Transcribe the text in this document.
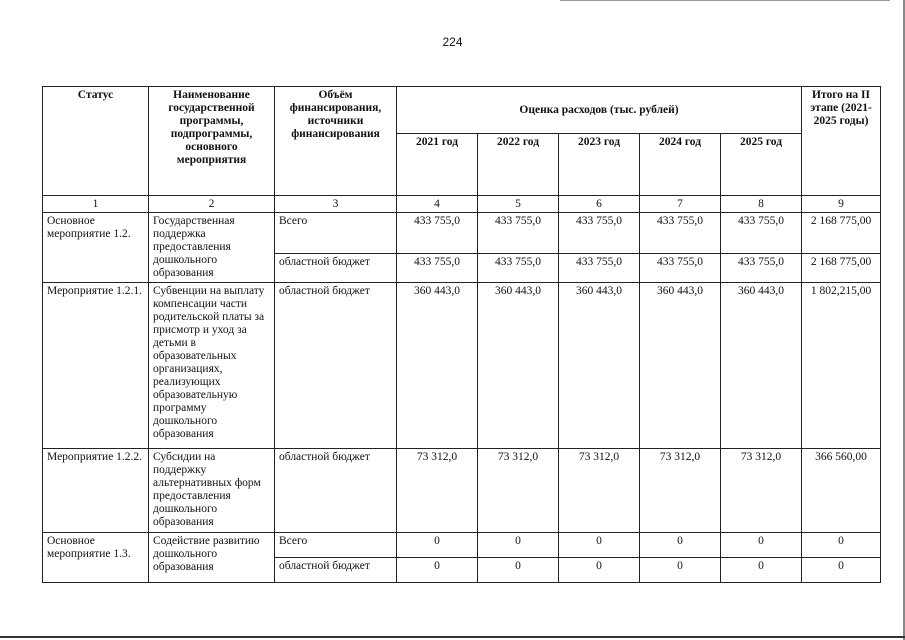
224
Статус	Наименование государственной программы, подпрограммы, основного мероприятия	Объём финансирования, источники финансирования	Оценка расходов (тыс. рублей)					Итого на II этапе (2021-2025 годы)
			2021 год	2022 год	2023 год	2024 год	2025 год	
1	2	3	4	5	6	7	8	9
Основное мероприятие 1.2.	Государственная поддержка предоставления дошкольного образования	Всего	433 755,0	433 755,0	433 755,0	433 755,0	433 755,0	2 168 775,00
		областной бюджет	433 755,0	433 755,0	433 755,0	433 755,0	433 755,0	2 168 775,00
Мероприятие 1.2.1.	Субвенции на выплату компенсации части родительской платы за присмотр и уход за детьми в образовательных организациях, реализующих образовательную программу дошкольного образования	областной бюджет	360 443,0	360 443,0	360 443,0	360 443,0	360 443,0	1 802,215,00
Мероприятие 1.2.2.	Субсидии на поддержку альтернативных форм предоставления дошкольного образования	областной бюджет	73 312,0	73 312,0	73 312,0	73 312,0	73 312,0	366 560,00
Основное мероприятие 1.3.	Содействие развитию дошкольного образования	Всего	0	0	0	0	0	0
		областной бюджет	0	0	0	0	0	0
